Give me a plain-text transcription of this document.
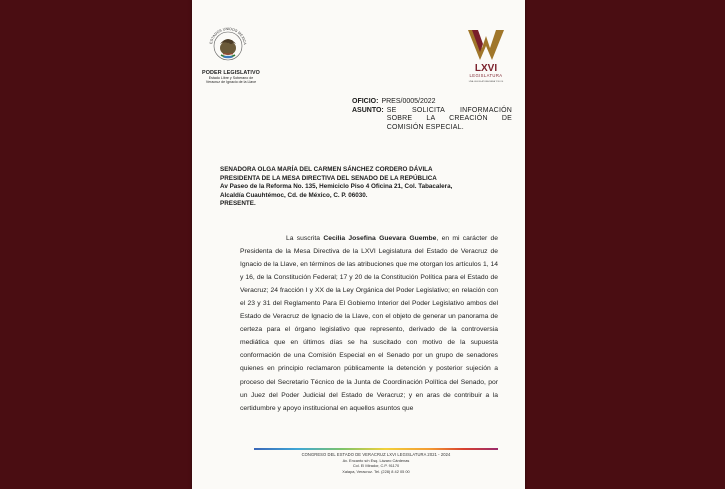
ESTADOS UNIDOS MEXICA
PODER LEGISLATIVO
Estado Libre y Soberano de
Veracruz de Ignacio de la Llave
LXVI
LEGISLATURA
UNA LEGISLATURA PARA TODOS
OFICIO: PRES/0005/2022
ASUNTO: SE SOLICITA INFORMACIÓN SOBRE LA CREACIÓN DE COMISIÓN ESPECIAL.
SENADORA OLGA MARÍA DEL CARMEN SÁNCHEZ CORDERO DÁVILA
PRESIDENTA DE LA MESA DIRECTIVA DEL SENADO DE LA REPÚBLICA
Av Paseo de la Reforma No. 135, Hemiciclo Piso 4 Oficina 21, Col. Tabacalera,
Alcaldía Cuauhtémoc, Cd. de México, C. P. 06030.
PRESENTE.
La suscrita Cecilia Josefina Guevara Guembe, en mi carácter de Presidenta de la Mesa Directiva de la LXVI Legislatura del Estado de Veracruz de Ignacio de la Llave, en términos de las atribuciones que me otorgan los artículos 1, 14 y 16, de la Constitución Federal; 17 y 20 de la Constitución Política para el Estado de Veracruz; 24 fracción I y XX de la Ley Orgánica del Poder Legislativo; en relación con el 23 y 31 del Reglamento Para El Gobierno Interior del Poder Legislativo ambos del Estado de Veracruz de Ignacio de la Llave, con el objeto de generar un panorama de certeza para el órgano legislativo que represento, derivado de la controversia mediática que en últimos días se ha suscitado con motivo de la supuesta conformación de una Comisión Especial en el Senado por un grupo de senadores quienes en principio reclamaron públicamente la detención y posterior sujeción a proceso del Secretario Técnico de la Junta de Coordinación Política del Senado, por un Juez del Poder Judicial del Estado de Veracruz; y en aras de contribuir a la certidumbre y apoyo institucional en aquellos asuntos que
CONGRESO DEL ESTADO DE VERACRUZ LXVI LEGISLATURA 2021 - 2024
Av. Encanto s/n Esq. Lázaro Cárdenas
Col. El Mirador, C.P. 91170
Xalapa, Veracruz. Tel. (228) 8 42 05 00
